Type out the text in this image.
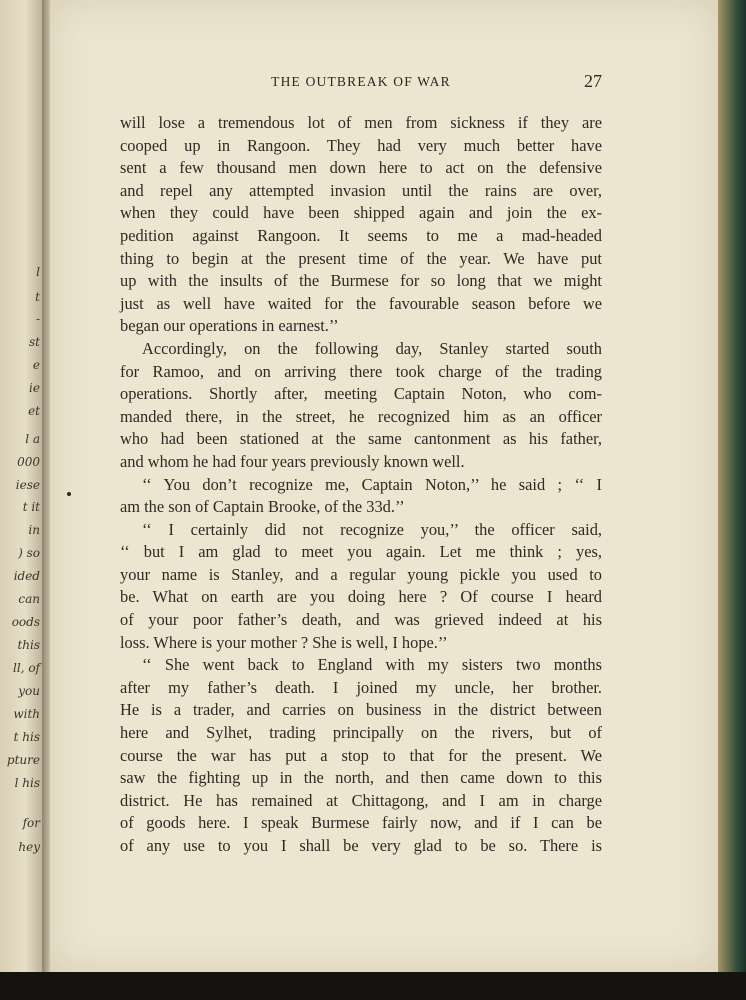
l
t
-
st
e
ie
et
l a
000
iese
t it
in
) so
ided
can
oods
this
ll, of
you
with
t his
pture
l his
for
hey
THE OUTBREAK OF WAR	27
will lose a tremendous lot of men from sickness if they are
cooped up in Rangoon. They had very much better have
sent a few thousand men down here to act on the defensive
and repel any attempted invasion until the rains are over,
when they could have been shipped again and join the ex-
pedition against Rangoon. It seems to me a mad-headed
thing to begin at the present time of the year. We have put
up with the insults of the Burmese for so long that we might
just as well have waited for the favourable season before we
began our operations in earnest.’’
Accordingly, on the following day, Stanley started south
for Ramoo, and on arriving there took charge of the trading
operations. Shortly after, meeting Captain Noton, who com-
manded there, in the street, he recognized him as an officer
who had been stationed at the same cantonment as his father,
and whom he had four years previously known well.
‘‘ You don’t recognize me, Captain Noton,’’ he said ; ‘‘ I
am the son of Captain Brooke, of the 33d.’’
‘‘ I certainly did not recognize you,’’ the officer said,
‘‘ but I am glad to meet you again. Let me think ; yes,
your name is Stanley, and a regular young pickle you used to
be. What on earth are you doing here ? Of course I heard
of your poor father’s death, and was grieved indeed at his
loss. Where is your mother ? She is well, I hope.’’
‘‘ She went back to England with my sisters two months
after my father’s death. I joined my uncle, her brother.
He is a trader, and carries on business in the district between
here and Sylhet, trading principally on the rivers, but of
course the war has put a stop to that for the present. We
saw the fighting up in the north, and then came down to this
district. He has remained at Chittagong, and I am in charge
of goods here. I speak Burmese fairly now, and if I can be
of any use to you I shall be very glad to be so. There is
